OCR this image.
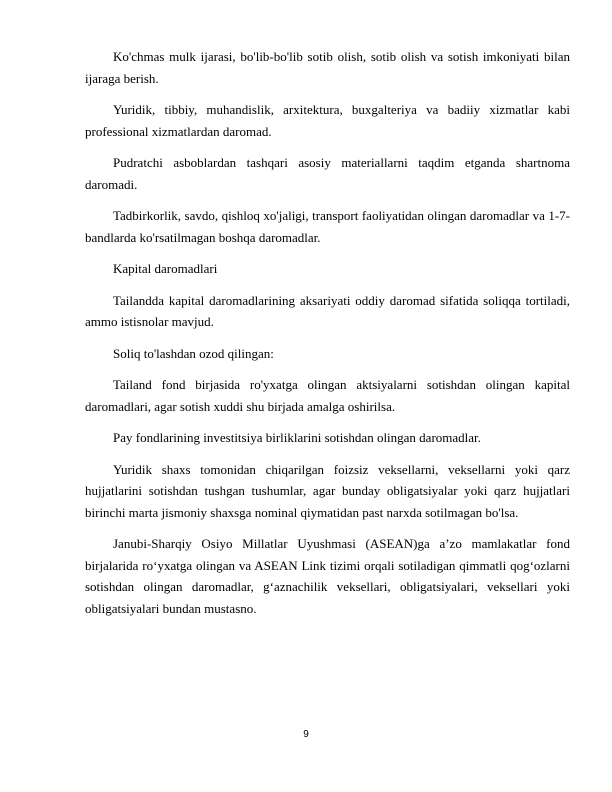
Ko'chmas mulk ijarasi, bo'lib-bo'lib sotib olish, sotib olish va sotish imkoniyati bilan ijaraga berish.

Yuridik, tibbiy, muhandislik, arxitektura, buxgalteriya va badiiy xizmatlar kabi professional xizmatlardan daromad.

Pudratchi asboblardan tashqari asosiy materiallarni taqdim etganda shartnoma daromadi.

Tadbirkorlik, savdo, qishloq xo'jaligi, transport faoliyatidan olingan daromadlar va 1-7-bandlarda ko'rsatilmagan boshqa daromadlar.

Kapital daromadlari

Tailandda kapital daromadlarining aksariyati oddiy daromad sifatida soliqqa tortiladi, ammo istisnolar mavjud.

Soliq to'lashdan ozod qilingan:

Tailand fond birjasida ro'yxatga olingan aktsiyalarni sotishdan olingan kapital daromadlari, agar sotish xuddi shu birjada amalga oshirilsa.

Pay fondlarining investitsiya birliklarini sotishdan olingan daromadlar.

Yuridik shaxs tomonidan chiqarilgan foizsiz veksellarni, veksellarni yoki qarz hujjatlarini sotishdan tushgan tushumlar, agar bunday obligatsiyalar yoki qarz hujjatlari birinchi marta jismoniy shaxsga nominal qiymatidan past narxda sotilmagan bo'lsa.

Janubi-Sharqiy Osiyo Millatlar Uyushmasi (ASEAN)ga a’zo mamlakatlar fond birjalarida ro‘yxatga olingan va ASEAN Link tizimi orqali sotiladigan qimmatli qog‘ozlarni sotishdan olingan daromadlar, g‘aznachilik veksellari, obligatsiyalari, veksellari yoki obligatsiyalari bundan mustasno.

9
